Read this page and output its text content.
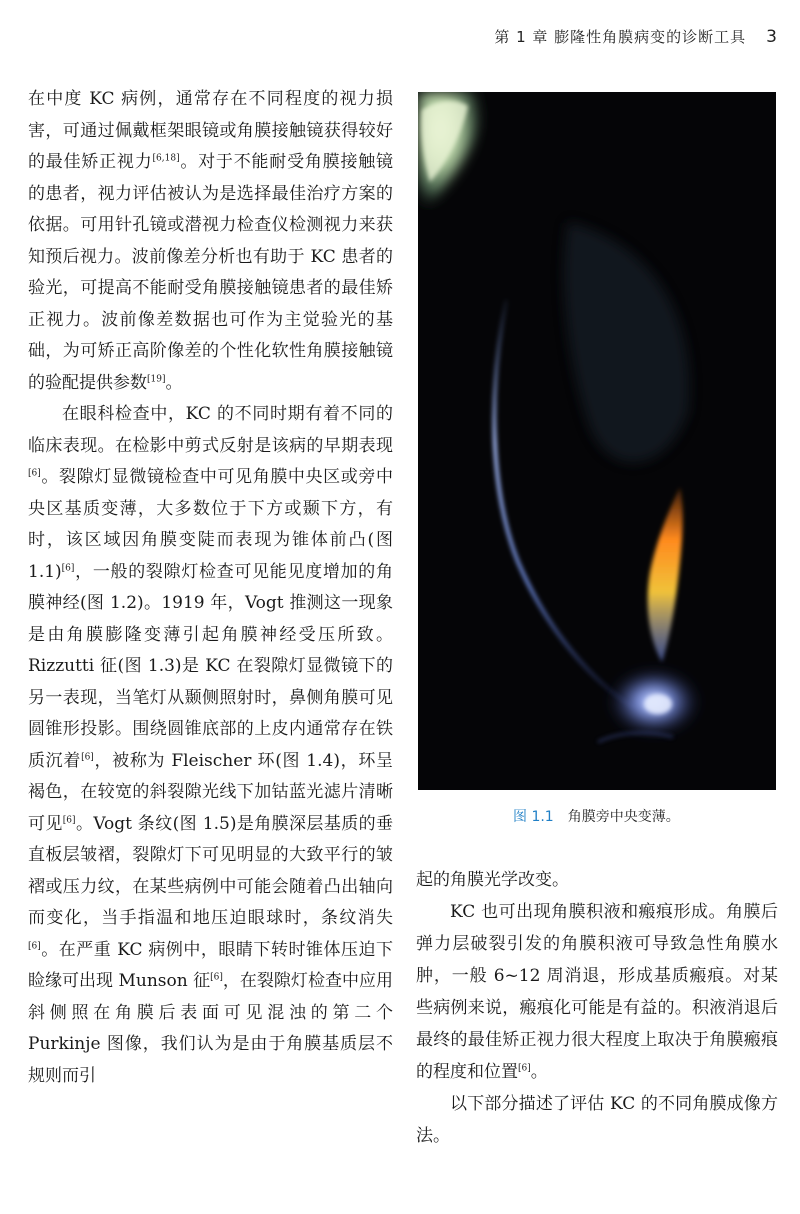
第 1 章 膨隆性角膜病变的诊断工具 3

在中度 KC 病例，通常存在不同程度的视力损害，可通过佩戴框架眼镜或角膜接触镜获得较好的最佳矫正视力[6,18]。对于不能耐受角膜接触镜的患者，视力评估被认为是选择最佳治疗方案的依据。可用针孔镜或潜视力检查仪检测视力来获知预后视力。波前像差分析也有助于 KC 患者的验光，可提高不能耐受角膜接触镜患者的最佳矫正视力。波前像差数据也可作为主觉验光的基础，为可矫正高阶像差的个性化软性角膜接触镜的验配提供参数[19]。

在眼科检查中，KC 的不同时期有着不同的临床表现。在检影中剪式反射是该病的早期表现[6]。裂隙灯显微镜检查中可见角膜中央区或旁中央区基质变薄，大多数位于下方或颞下方，有时，该区域因角膜变陡而表现为锥体前凸(图 1.1)[6]，一般的裂隙灯检查可见能见度增加的角膜神经(图 1.2)。1919 年，Vogt 推测这一现象是由角膜膨隆变薄引起角膜神经受压所致。Rizzutti 征(图 1.3)是 KC 在裂隙灯显微镜下的另一表现，当笔灯从颞侧照射时，鼻侧角膜可见圆锥形投影。围绕圆锥底部的上皮内通常存在铁质沉着[6]，被称为 Fleischer 环(图 1.4)，环呈褐色，在较宽的斜裂隙光线下加钴蓝光滤片清晰可见[6]。Vogt 条纹(图 1.5)是角膜深层基质的垂直板层皱褶，裂隙灯下可见明显的大致平行的皱褶或压力纹，在某些病例中可能会随着凸出轴向而变化，当手指温和地压迫眼球时，条纹消失[6]。在严重 KC 病例中，眼睛下转时锥体压迫下睑缘可出现 Munson 征[6]，在裂隙灯检查中应用斜侧照在角膜后表面可见混浊的第二个 Purkinje 图像，我们认为是由于角膜基质层不规则而引

图 1.1 角膜旁中央变薄。

起的角膜光学改变。

KC 也可出现角膜积液和瘢痕形成。角膜后弹力层破裂引发的角膜积液可导致急性角膜水肿，一般 6~12 周消退，形成基质瘢痕。对某些病例来说，瘢痕化可能是有益的。积液消退后最终的最佳矫正视力很大程度上取决于角膜瘢痕的程度和位置[6]。

以下部分描述了评估 KC 的不同角膜成像方法。
